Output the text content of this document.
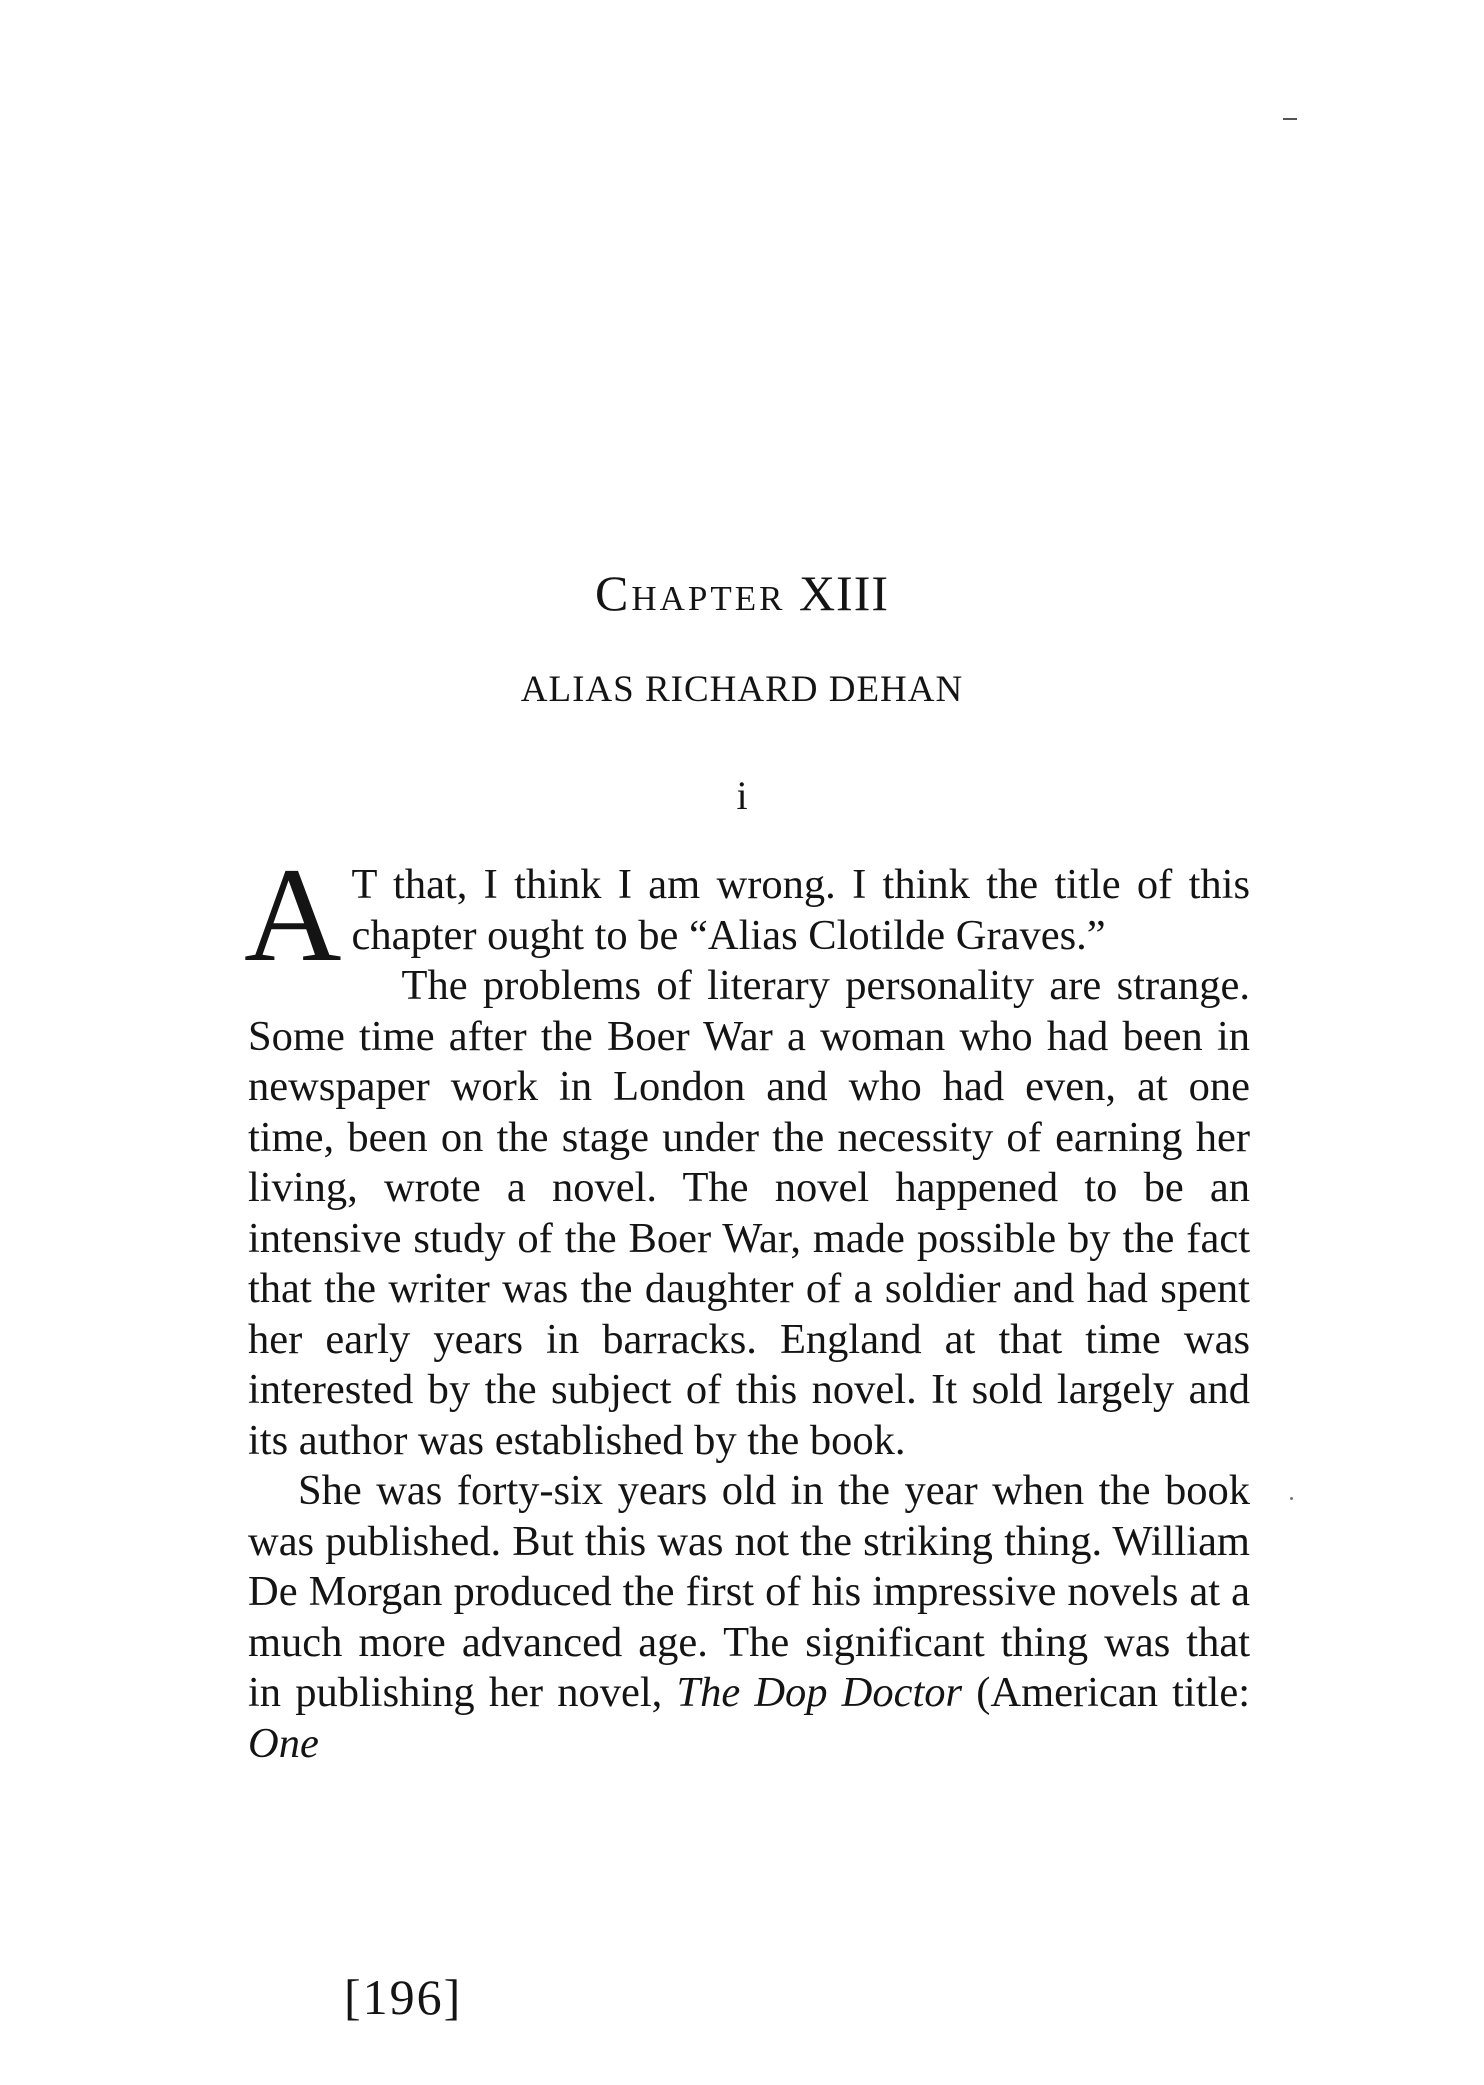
Chapter XIII
ALIAS RICHARD DEHAN
i

A T that, I think I am wrong. I think the title of this chapter ought to be “Alias Clotilde Graves.”

The problems of literary personality are strange. Some time after the Boer War a woman who had been in newspaper work in London and who had even, at one time, been on the stage under the necessity of earning her living, wrote a novel. The novel happened to be an intensive study of the Boer War, made possible by the fact that the writer was the daughter of a soldier and had spent her early years in barracks. England at that time was interested by the subject of this novel. It sold largely and its author was established by the book.

She was forty-six years old in the year when the book was published. But this was not the striking thing. William De Morgan produced the first of his impressive novels at a much more advanced age. The significant thing was that in publishing her novel, The Dop Doctor (American title: One

[196]
